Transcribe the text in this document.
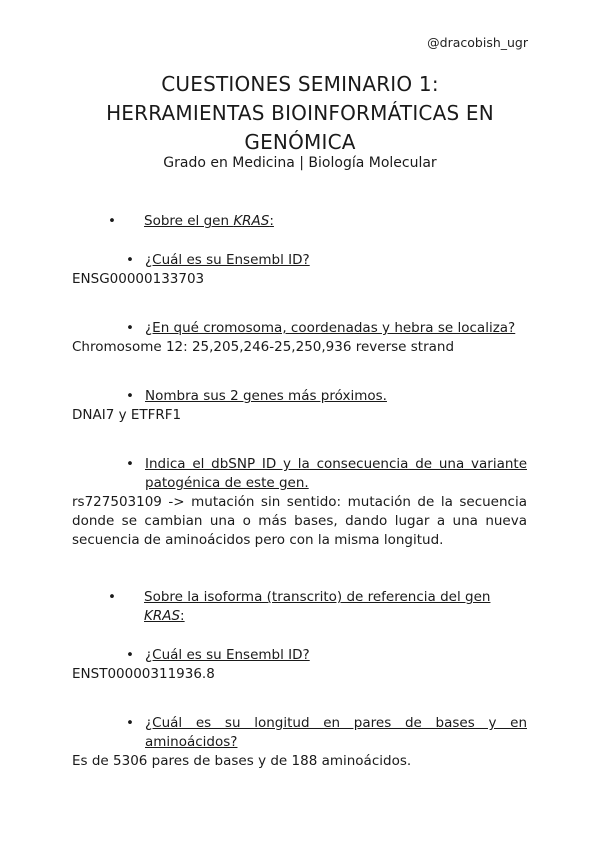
@dracobish_ugr
CUESTIONES SEMINARIO 1:
HERRAMIENTAS BIOINFORMÁTICAS EN
GENÓMICA
Grado en Medicina | Biología Molecular
• Sobre el gen KRAS:
• ¿Cuál es su Ensembl ID?

ENSG00000133703

• ¿En qué cromosoma, coordenadas y hebra se localiza?

Chromosome 12: 25,205,246-25,250,936 reverse strand

• Nombra sus 2 genes más próximos.

DNAI7 y ETFRF1

• Indica el dbSNP ID y la consecuencia de una variante patogénica de este gen.

rs727503109 -> mutación sin sentido: mutación de la secuencia donde se cambian una o más bases, dando lugar a una nueva secuencia de aminoácidos pero con la misma longitud.

• Sobre la isoforma (transcrito) de referencia del gen KRAS:
• ¿Cuál es su Ensembl ID?

ENST00000311936.8

• ¿Cuál es su longitud en pares de bases y en aminoácidos?

Es de 5306 pares de bases y de 188 aminoácidos.
